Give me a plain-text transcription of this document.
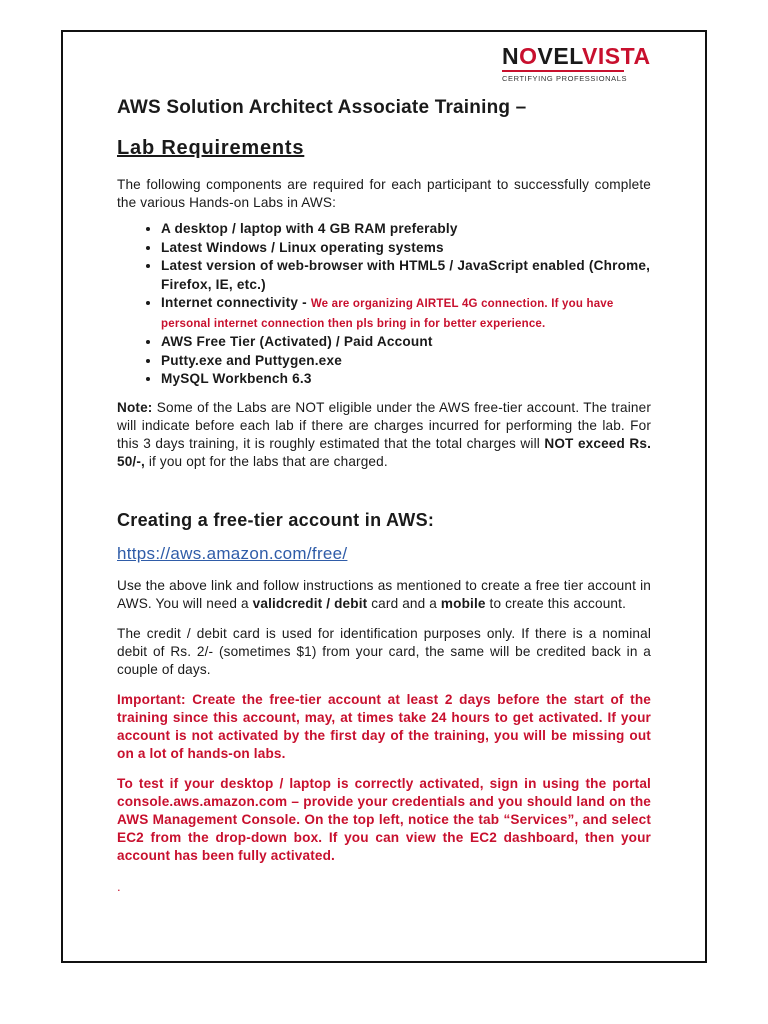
NOVELVISTA
CERTIFYING PROFESSIONALS
AWS Solution Architect Associate Training –
Lab Requirements

The following components are required for each participant to successfully complete the various Hands-on Labs in AWS:

• A desktop / laptop with 4 GB RAM preferably
• Latest Windows / Linux operating systems
• Latest version of web-browser with HTML5 / JavaScript enabled (Chrome, Firefox, IE, etc.)
• Internet connectivity - We are organizing AIRTEL 4G connection. If you have personal internet connection then pls bring in for better experience.
• AWS Free Tier (Activated) / Paid Account
• Putty.exe and Puttygen.exe
• MySQL Workbench 6.3

Note: Some of the Labs are NOT eligible under the AWS free-tier account. The trainer will indicate before each lab if there are charges incurred for performing the lab. For this 3 days training, it is roughly estimated that the total charges will NOT exceed Rs. 50/-, if you opt for the labs that are charged.

Creating a free-tier account in AWS:
https://aws.amazon.com/free/

Use the above link and follow instructions as mentioned to create a free tier account in AWS. You will need a validcredit / debit card and a mobile to create this account.

The credit / debit card is used for identification purposes only. If there is a nominal debit of Rs. 2/- (sometimes $1) from your card, the same will be credited back in a couple of days.

Important: Create the free-tier account at least 2 days before the start of the training since this account, may, at times take 24 hours to get activated. If your account is not activated by the first day of the training, you will be missing out on a lot of hands-on labs.

To test if your desktop / laptop is correctly activated, sign in using the portal console.aws.amazon.com – provide your credentials and you should land on the AWS Management Console. On the top left, notice the tab “Services”, and select EC2 from the drop-down box. If you can view the EC2 dashboard, then your account has been fully activated.

.
